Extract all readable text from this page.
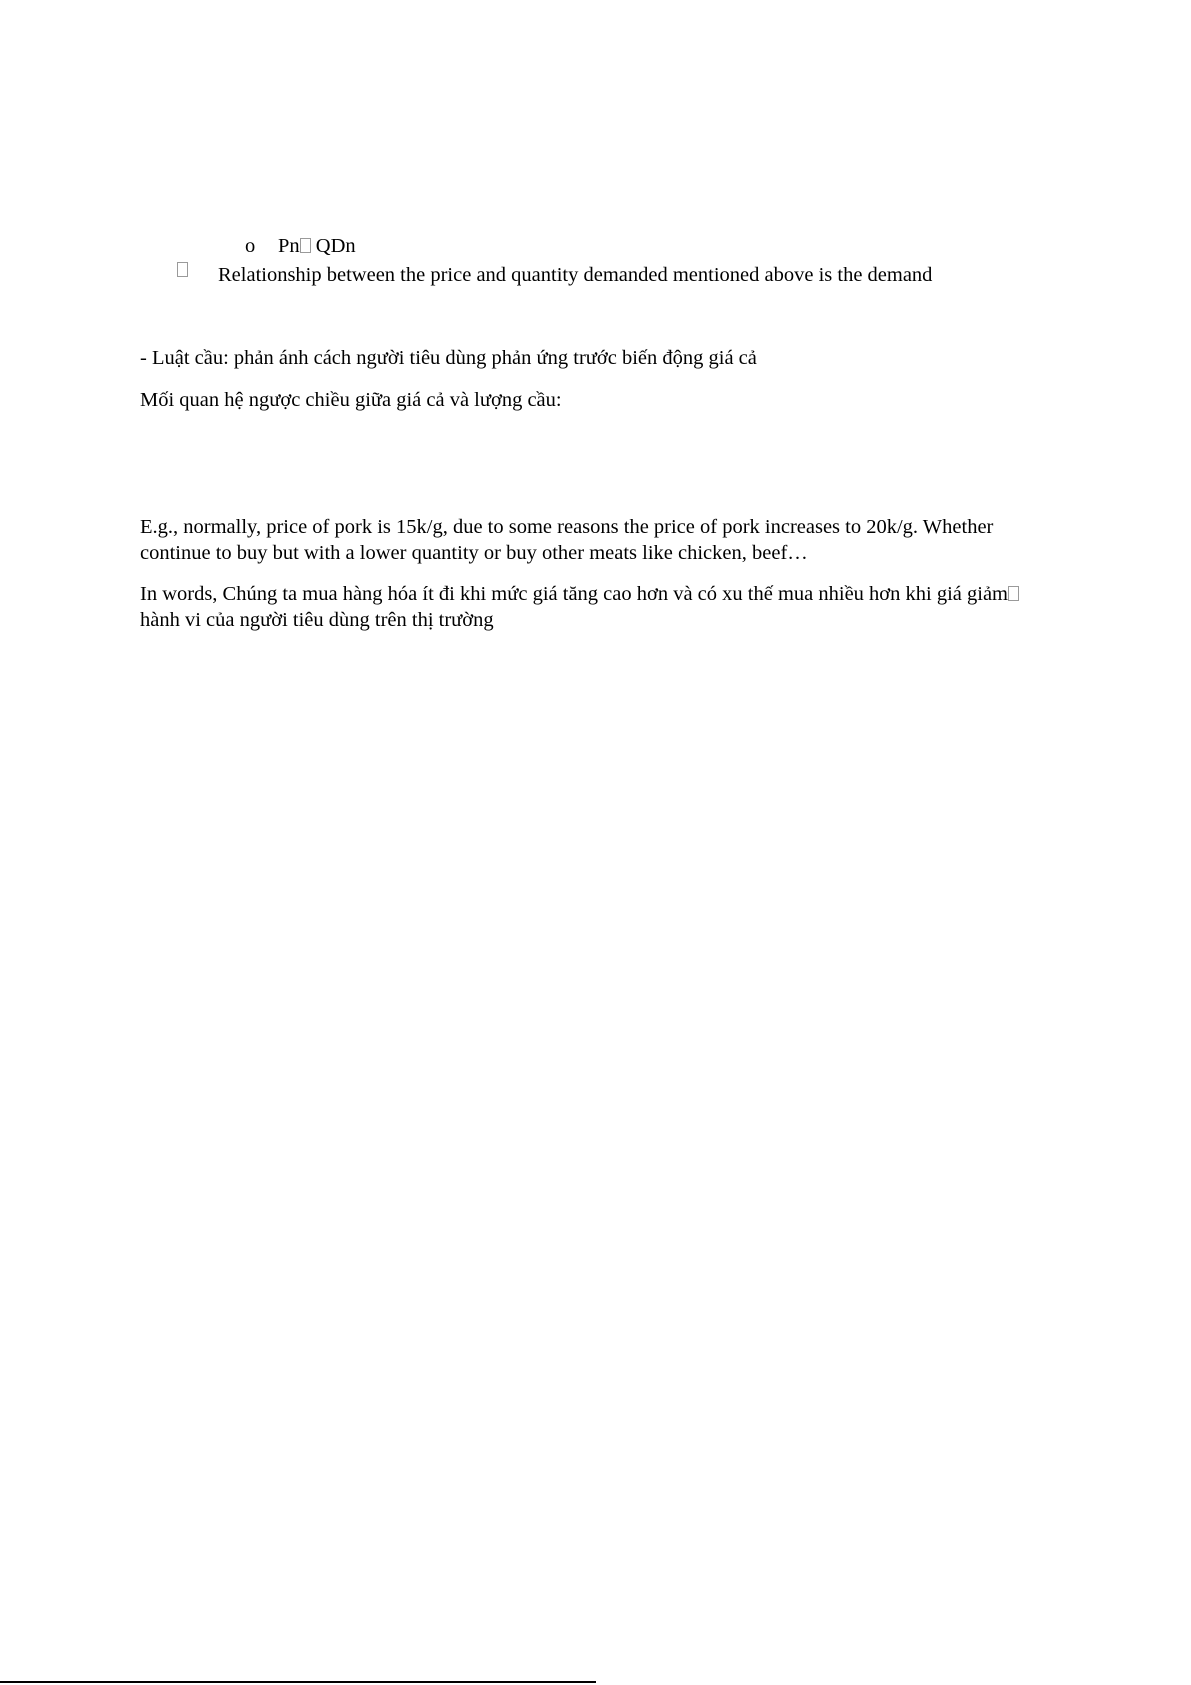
o Pn QDn
Relationship between the price and quantity demanded mentioned above is the demand
- Luật cầu: phản ánh cách người tiêu dùng phản ứng trước biến động giá cả
Mối quan hệ ngược chiều giữa giá cả và lượng cầu:
E.g., normally, price of pork is 15k/g, due to some reasons the price of pork increases to 20k/g. Whether continue to buy but with a lower quantity or buy other meats like chicken, beef…
In words, Chúng ta mua hàng hóa ít đi khi mức giá tăng cao hơn và có xu thế mua nhiều hơn khi giá giảm hành vi của người tiêu dùng trên thị trường
